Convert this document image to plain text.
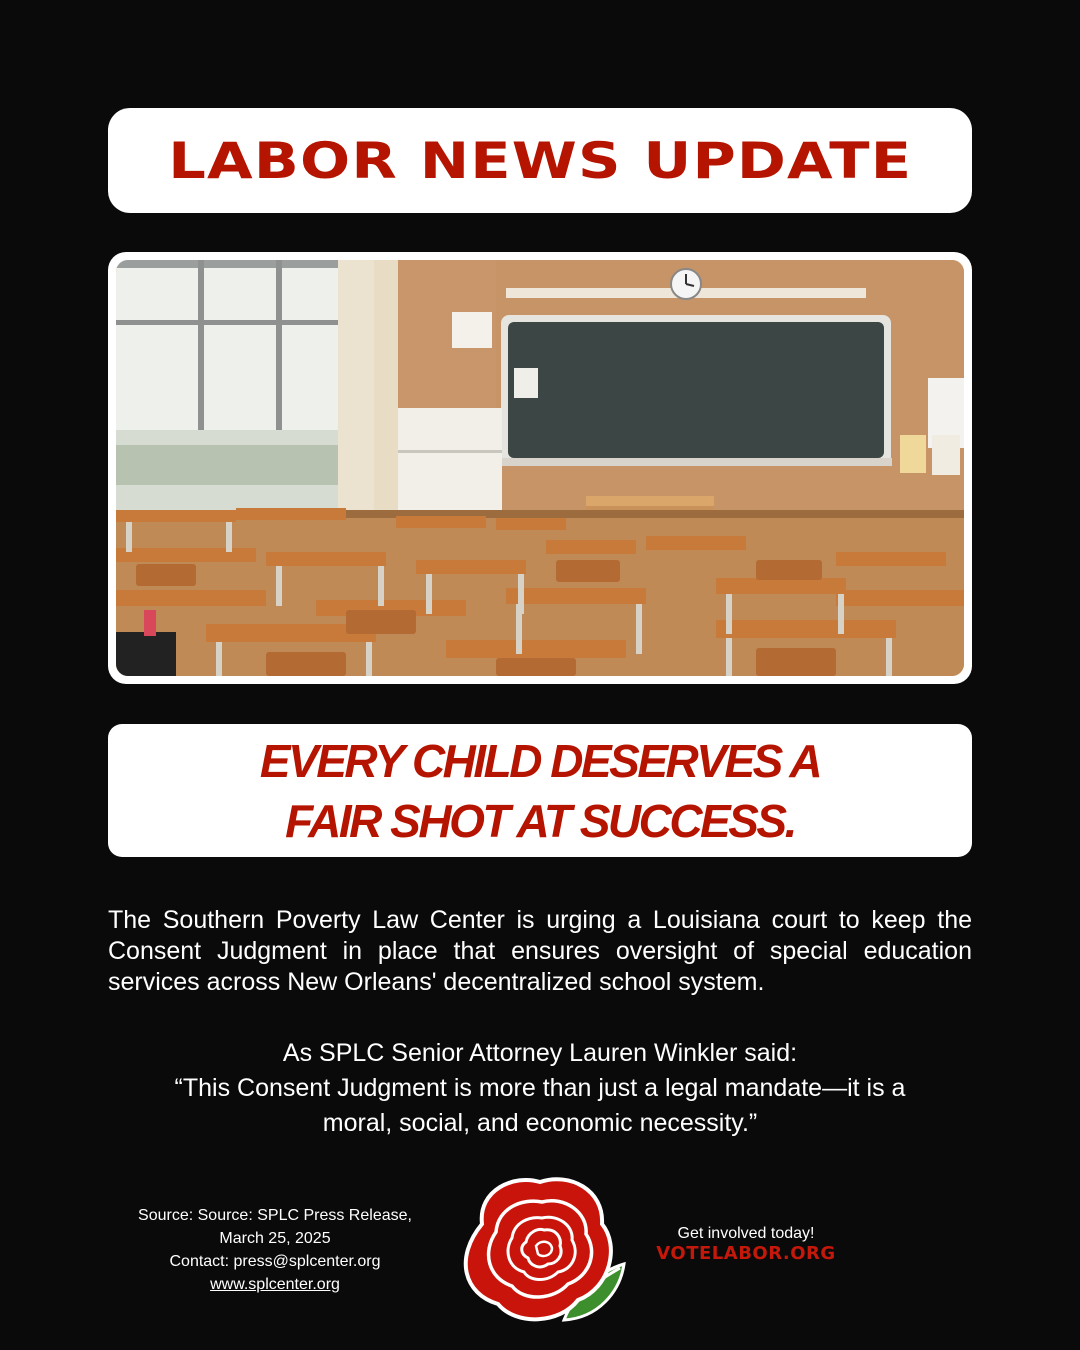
LABOR NEWS UPDATE
EVERY CHILD DESERVES A
FAIR SHOT AT SUCCESS.

The Southern Poverty Law Center is urging a Louisiana court to keep the Consent Judgment in place that ensures oversight of special education services across New Orleans' decentralized school system.

As SPLC Senior Attorney Lauren Winkler said:
“This Consent Judgment is more than just a legal mandate—it is a
moral, social, and economic necessity.”
Source: Source: SPLC Press Release,
March 25, 2025
Contact: press@splcenter.org
www.splcenter.org
Get involved today!
VOTELABOR.ORG
